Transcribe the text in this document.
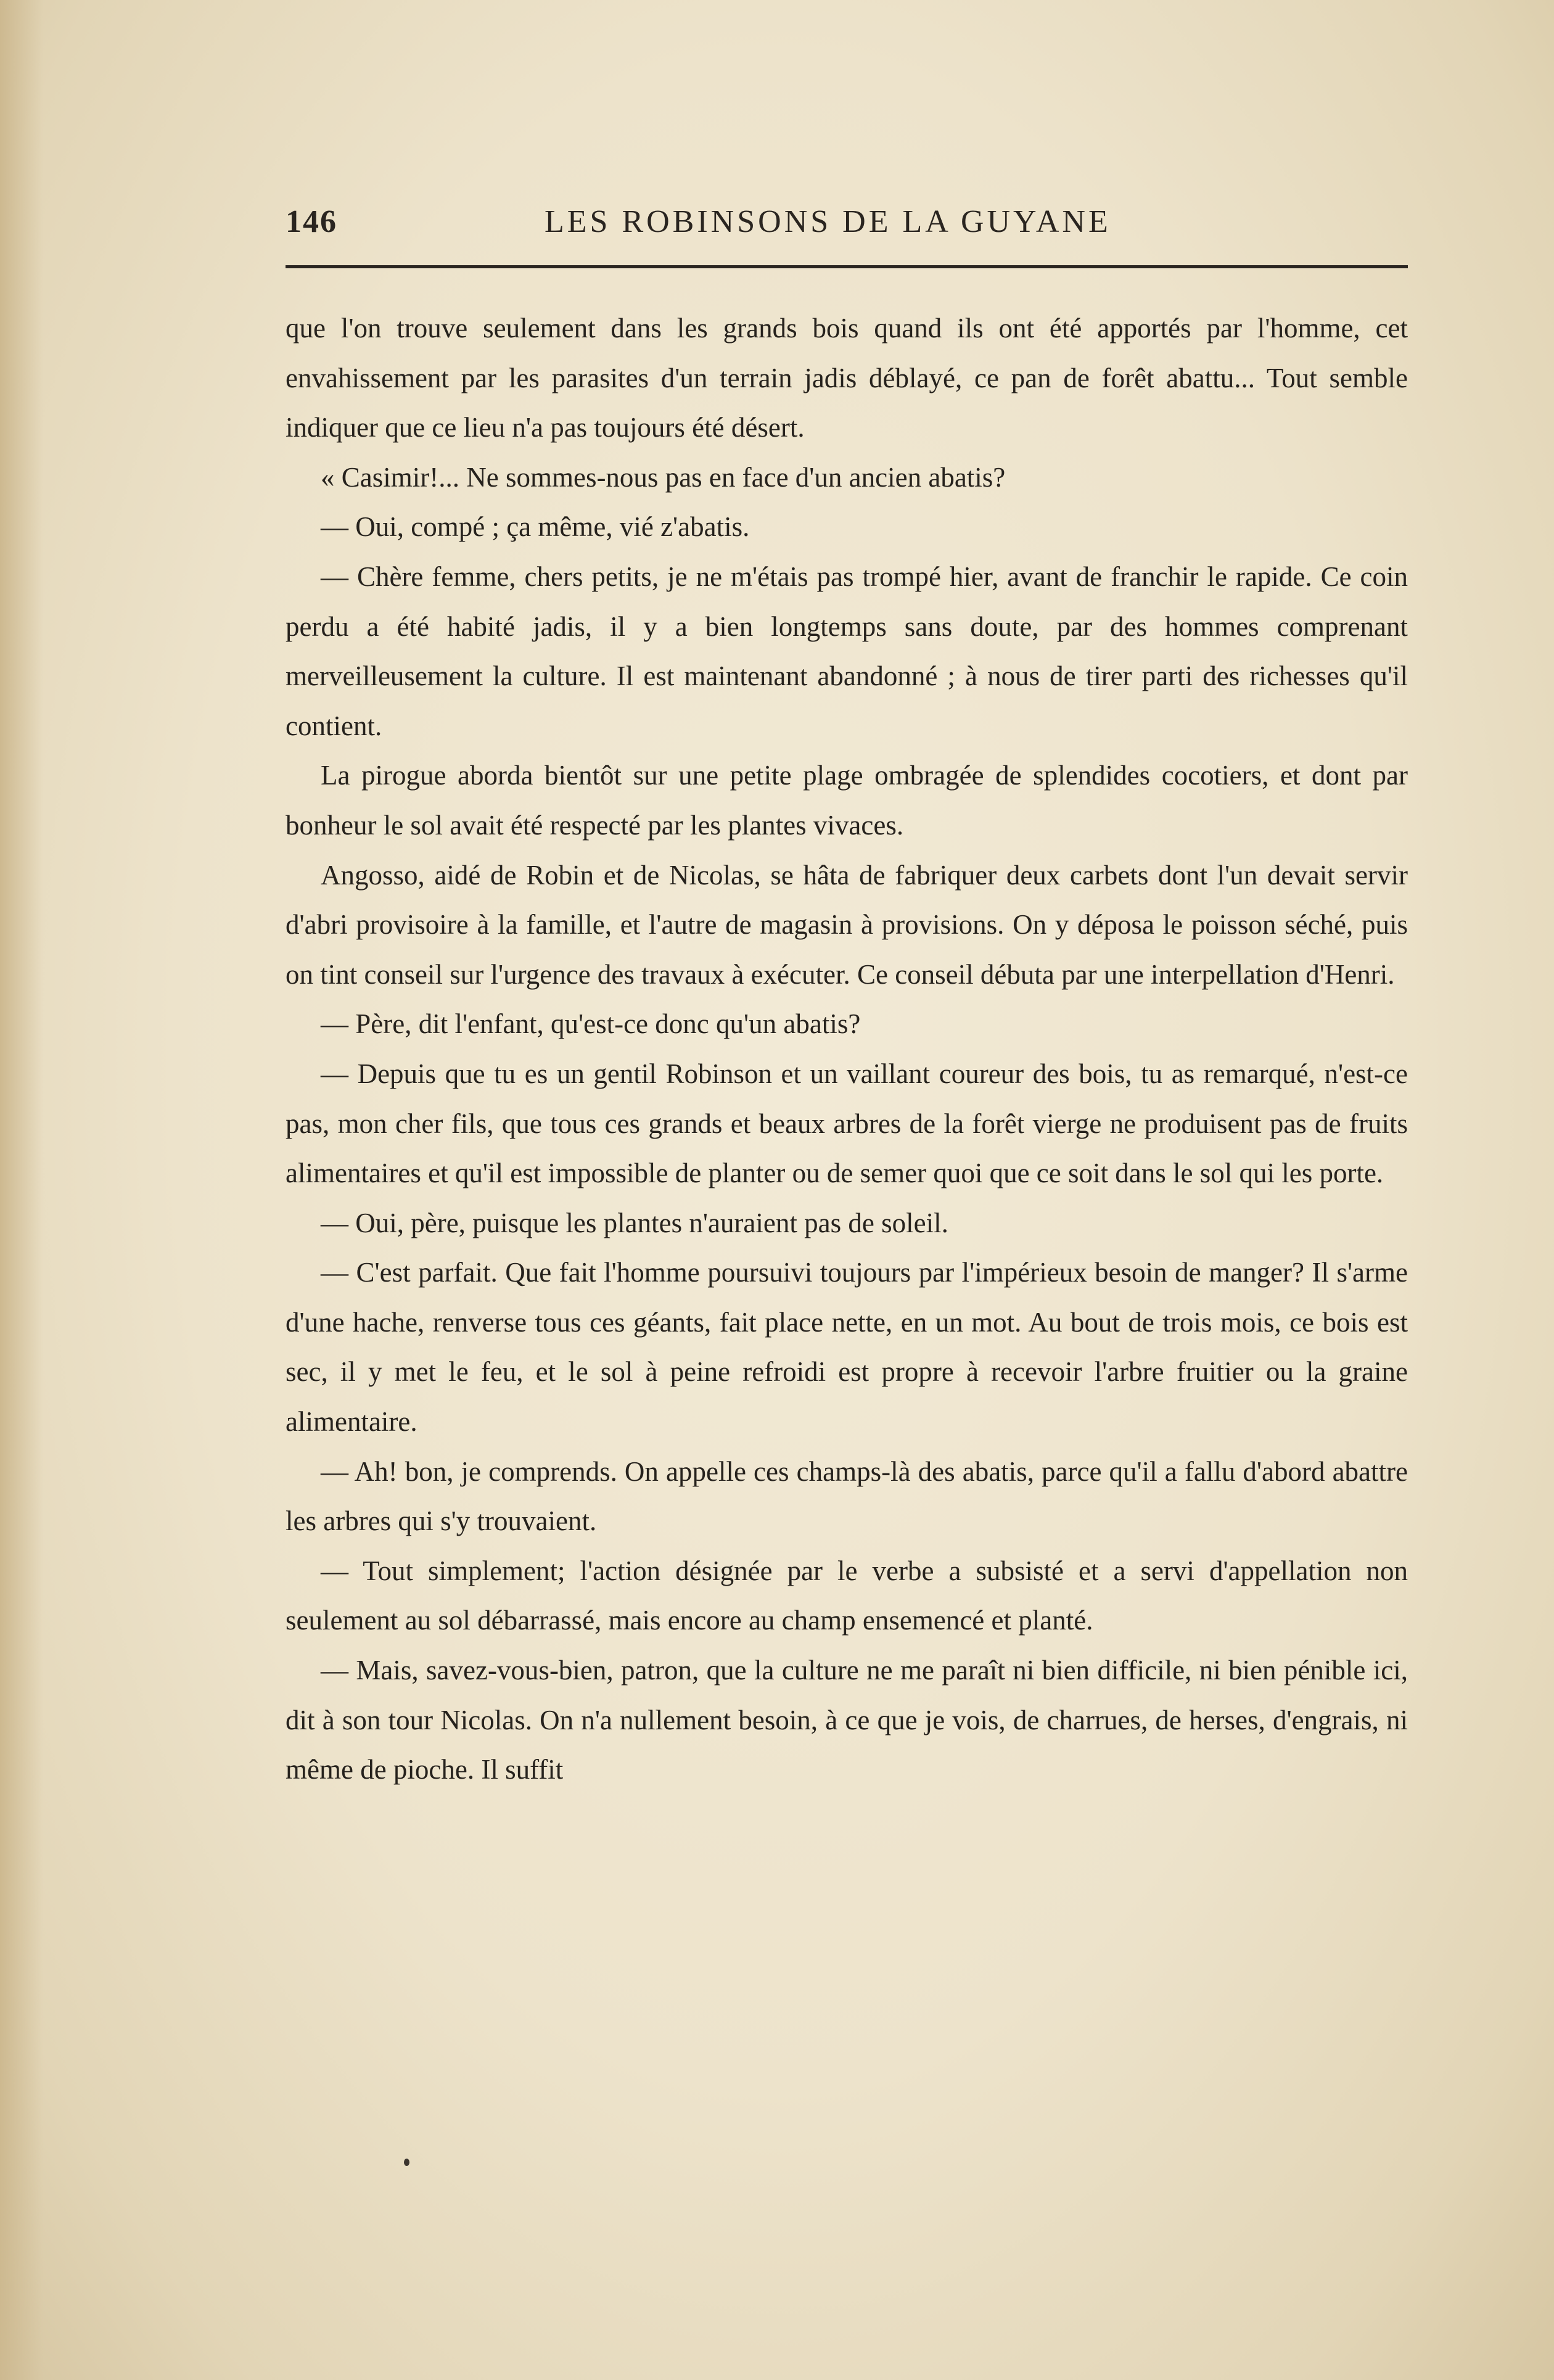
146	LES ROBINSONS DE LA GUYANE

que l'on trouve seulement dans les grands bois quand ils ont été apportés par l'homme, cet envahissement par les parasites d'un terrain jadis déblayé, ce pan de forêt abattu... Tout semble indiquer que ce lieu n'a pas toujours été désert.

« Casimir!... Ne sommes-nous pas en face d'un ancien abatis?

— Oui, compé ; ça même, vié z'abatis.

— Chère femme, chers petits, je ne m'étais pas trompé hier, avant de franchir le rapide. Ce coin perdu a été habité jadis, il y a bien longtemps sans doute, par des hommes comprenant merveilleusement la culture. Il est maintenant abandonné ; à nous de tirer parti des richesses qu'il contient.

La pirogue aborda bientôt sur une petite plage ombragée de splendides cocotiers, et dont par bonheur le sol avait été respecté par les plantes vivaces.

Angosso, aidé de Robin et de Nicolas, se hâta de fabriquer deux carbets dont l'un devait servir d'abri provisoire à la famille, et l'autre de magasin à provisions. On y déposa le poisson séché, puis on tint conseil sur l'urgence des travaux à exécuter. Ce conseil débuta par une interpellation d'Henri.

— Père, dit l'enfant, qu'est-ce donc qu'un abatis?

— Depuis que tu es un gentil Robinson et un vaillant coureur des bois, tu as remarqué, n'est-ce pas, mon cher fils, que tous ces grands et beaux arbres de la forêt vierge ne produisent pas de fruits alimentaires et qu'il est impossible de planter ou de semer quoi que ce soit dans le sol qui les porte.

— Oui, père, puisque les plantes n'auraient pas de soleil.

— C'est parfait. Que fait l'homme poursuivi toujours par l'impérieux besoin de manger? Il s'arme d'une hache, renverse tous ces géants, fait place nette, en un mot. Au bout de trois mois, ce bois est sec, il y met le feu, et le sol à peine refroidi est propre à recevoir l'arbre fruitier ou la graine alimentaire.

— Ah! bon, je comprends. On appelle ces champs-là des abatis, parce qu'il a fallu d'abord abattre les arbres qui s'y trouvaient.

— Tout simplement; l'action désignée par le verbe a subsisté et a servi d'appellation non seulement au sol débarrassé, mais encore au champ ensemencé et planté.

— Mais, savez-vous-bien, patron, que la culture ne me paraît ni bien difficile, ni bien pénible ici, dit à son tour Nicolas. On n'a nullement besoin, à ce que je vois, de charrues, de herses, d'engrais, ni même de pioche. Il suffit
